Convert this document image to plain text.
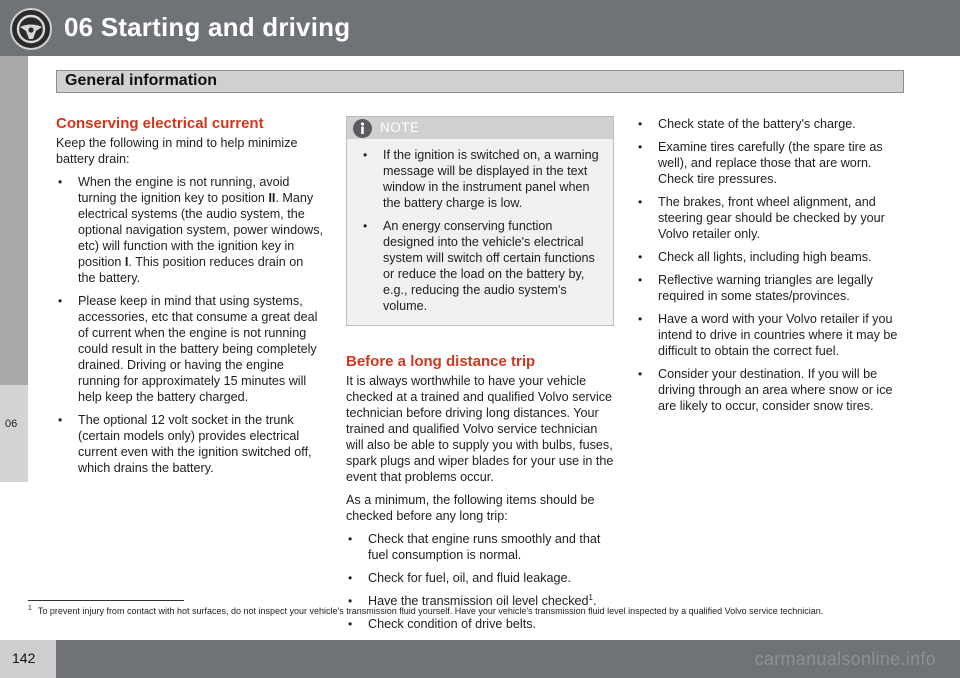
06 Starting and driving
General information
06
Conserving electrical current

Keep the following in mind to help minimize battery drain:

• When the engine is not running, avoid turning the ignition key to position II. Many electrical systems (the audio system, the optional navigation system, power windows, etc) will function with the ignition key in position I. This position reduces drain on the battery.
• Please keep in mind that using systems, accessories, etc that consume a great deal of current when the engine is not running could result in the battery being completely drained. Driving or having the engine running for approximately 15 minutes will help keep the battery charged.
• The optional 12 volt socket in the trunk (certain models only) provides electrical current even with the ignition switched off, which drains the battery.
NOTE
• If the ignition is switched on, a warning message will be displayed in the text window in the instrument panel when the battery charge is low.
• An energy conserving function designed into the vehicle's electrical system will switch off certain functions or reduce the load on the battery by, e.g., reducing the audio system's volume.
Before a long distance trip

It is always worthwhile to have your vehicle checked at a trained and qualified Volvo service technician before driving long distances. Your trained and qualified Volvo service technician will also be able to supply you with bulbs, fuses, spark plugs and wiper blades for your use in the event that problems occur.

As a minimum, the following items should be checked before any long trip:

• Check that engine runs smoothly and that fuel consumption is normal.
• Check for fuel, oil, and fluid leakage.
• Have the transmission oil level checked$^1$.
• Check condition of drive belts.
• Check state of the battery's charge.
• Examine tires carefully (the spare tire as well), and replace those that are worn. Check tire pressures.
• The brakes, front wheel alignment, and steering gear should be checked by your Volvo retailer only.
• Check all lights, including high beams.
• Reflective warning triangles are legally required in some states/provinces.
• Have a word with your Volvo retailer if you intend to drive in countries where it may be difficult to obtain the correct fuel.
• Consider your destination. If you will be driving through an area where snow or ice are likely to occur, consider snow tires.
$^1$ To prevent injury from contact with hot surfaces, do not inspect your vehicle's transmission fluid yourself. Have your vehicle's transmission fluid level inspected by a qualified Volvo service technician.
142	carmanualsonline.info
